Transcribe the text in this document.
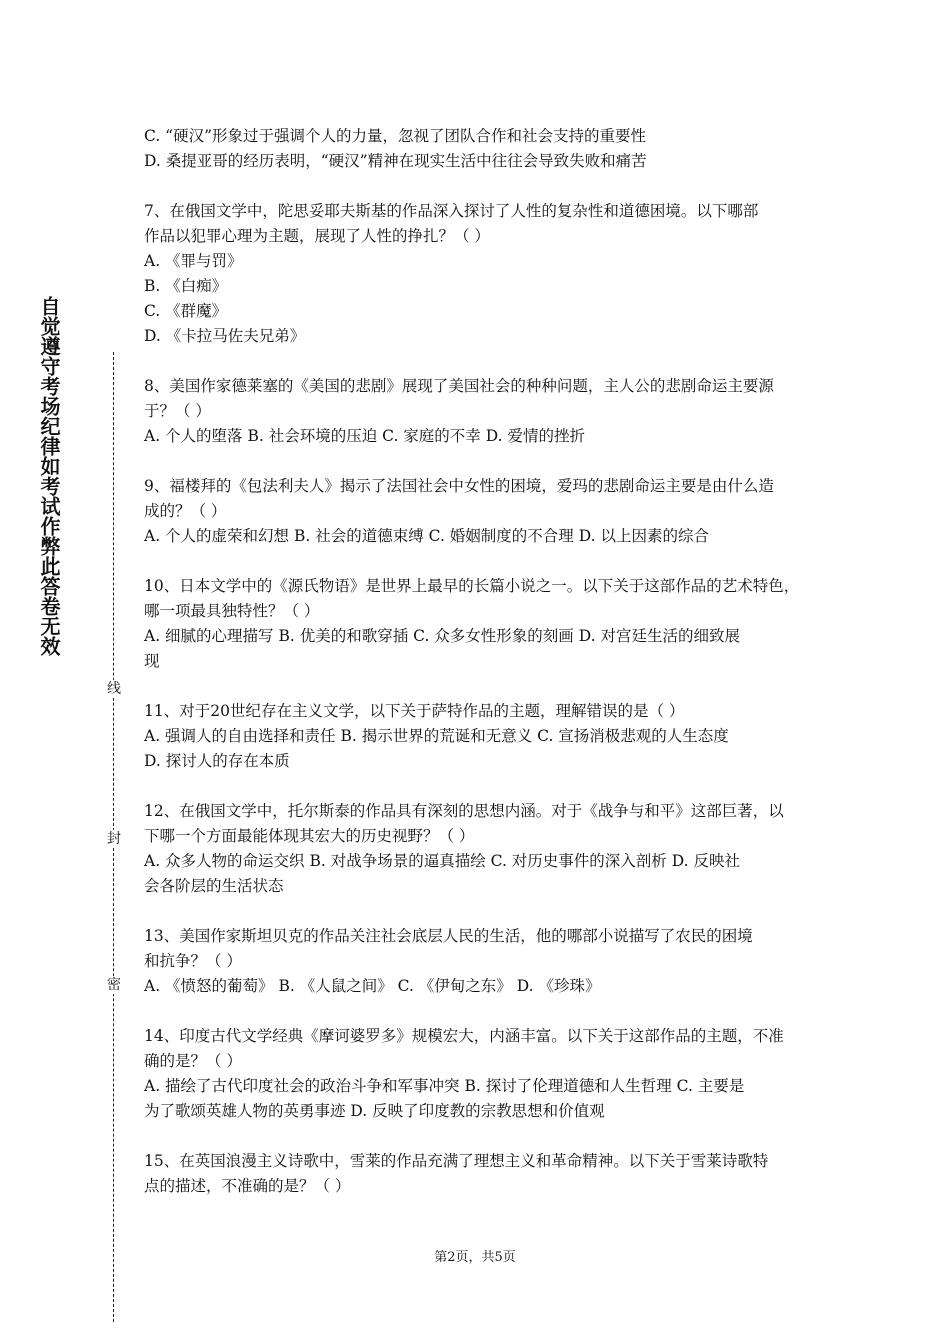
自觉遵守考场纪律如考试作弊此答卷无效
线
封
密
C. “硬汉”形象过于强调个人的力量，忽视了团队合作和社会支持的重要性
D. 桑提亚哥的经历表明，“硬汉”精神在现实生活中往往会导致失败和痛苦
7、在俄国文学中，陀思妥耶夫斯基的作品深入探讨了人性的复杂性和道德困境。以下哪部
作品以犯罪心理为主题，展现了人性的挣扎？（ ）
A. 《罪与罚》
B. 《白痴》
C. 《群魔》
D. 《卡拉马佐夫兄弟》
8、美国作家德莱塞的《美国的悲剧》展现了美国社会的种种问题，主人公的悲剧命运主要源
于？（ ）
A. 个人的堕落 B. 社会环境的压迫 C. 家庭的不幸 D. 爱情的挫折
9、福楼拜的《包法利夫人》揭示了法国社会中女性的困境，爱玛的悲剧命运主要是由什么造
成的？（ ）
A. 个人的虚荣和幻想 B. 社会的道德束缚 C. 婚姻制度的不合理 D. 以上因素的综合
10、日本文学中的《源氏物语》是世界上最早的长篇小说之一。以下关于这部作品的艺术特色，
哪一项最具独特性？（ ）
A. 细腻的心理描写 B. 优美的和歌穿插 C. 众多女性形象的刻画 D. 对宫廷生活的细致展
现
11、对于20世纪存在主义文学，以下关于萨特作品的主题，理解错误的是（ ）
A. 强调人的自由选择和责任 B. 揭示世界的荒诞和无意义 C. 宣扬消极悲观的人生态度
D. 探讨人的存在本质
12、在俄国文学中，托尔斯泰的作品具有深刻的思想内涵。对于《战争与和平》这部巨著，以
下哪一个方面最能体现其宏大的历史视野？（ ）
A. 众多人物的命运交织 B. 对战争场景的逼真描绘 C. 对历史事件的深入剖析 D. 反映社
会各阶层的生活状态
13、美国作家斯坦贝克的作品关注社会底层人民的生活，他的哪部小说描写了农民的困境
和抗争？（ ）
A. 《愤怒的葡萄》 B. 《人鼠之间》 C. 《伊甸之东》 D. 《珍珠》
14、印度古代文学经典《摩诃婆罗多》规模宏大，内涵丰富。以下关于这部作品的主题，不准
确的是？（ ）
A. 描绘了古代印度社会的政治斗争和军事冲突 B. 探讨了伦理道德和人生哲理 C. 主要是
为了歌颂英雄人物的英勇事迹 D. 反映了印度教的宗教思想和价值观
15、在英国浪漫主义诗歌中，雪莱的作品充满了理想主义和革命精神。以下关于雪莱诗歌特
点的描述，不准确的是？（ ）
第2页，共5页
